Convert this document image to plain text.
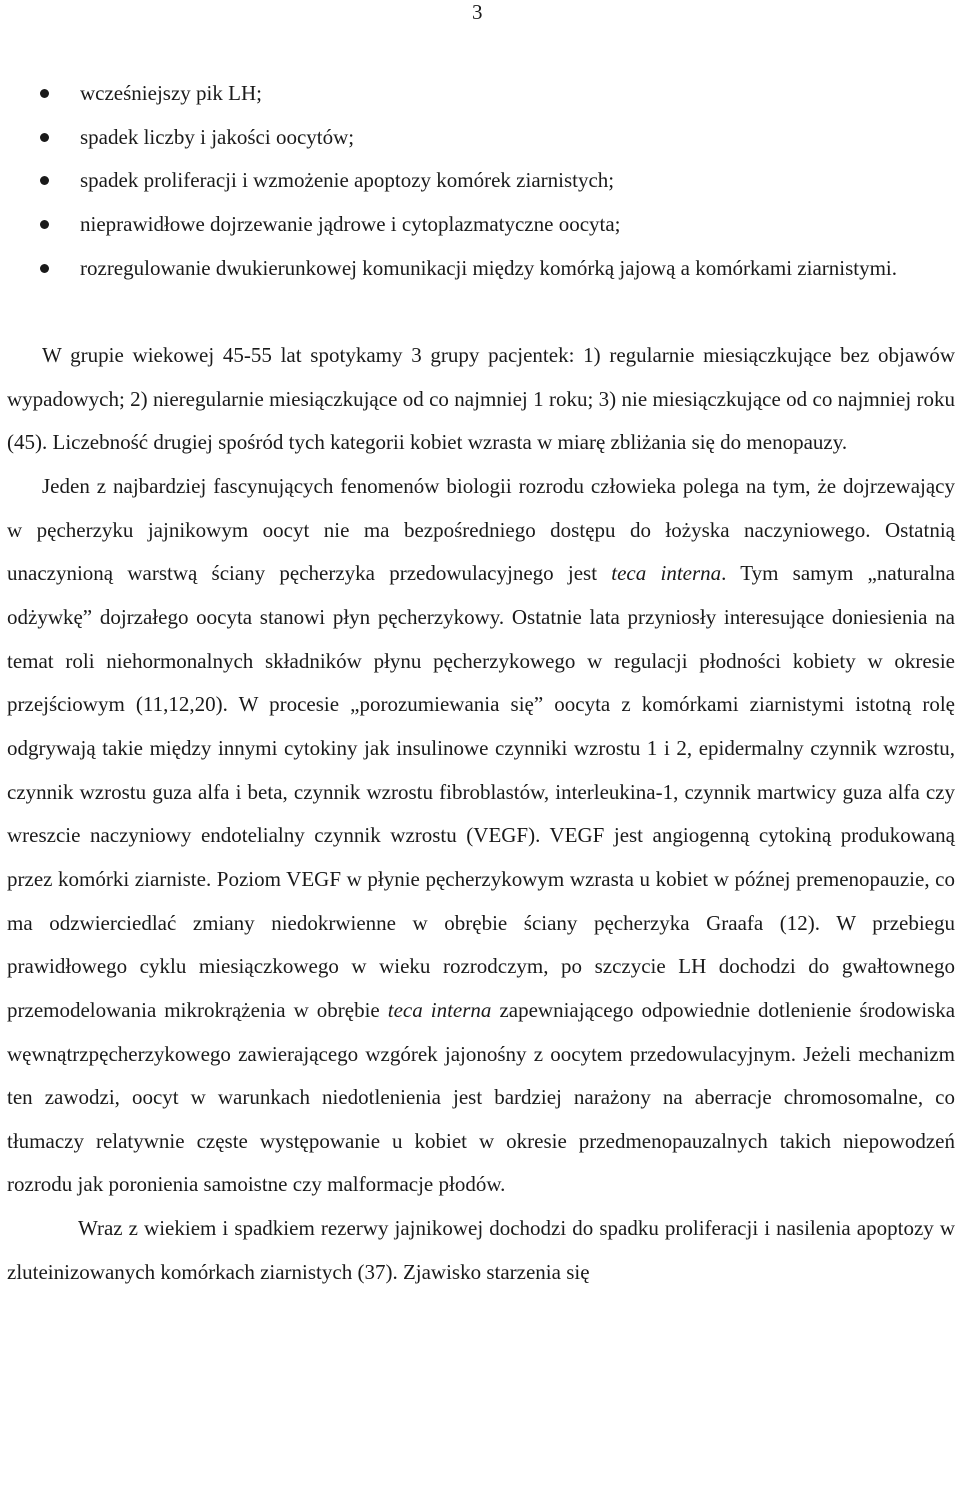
3
wcześniejszy pik LH;
spadek liczby i jakości oocytów;
spadek proliferacji i wzmożenie apoptozy komórek ziarnistych;
nieprawidłowe dojrzewanie jądrowe i cytoplazmatyczne oocyta;
rozregulowanie dwukierunkowej komunikacji między komórką jajową a komórkami ziarnistymi.

W grupie wiekowej 45-55 lat spotykamy 3 grupy pacjentek: 1) regularnie miesiączkujące bez objawów wypadowych; 2) nieregularnie miesiączkujące od co najmniej 1 roku; 3) nie miesiączkujące od co najmniej roku (45). Liczebność drugiej spośród tych kategorii kobiet wzrasta w miarę zbliżania się do menopauzy.

Jeden z najbardziej fascynujących fenomenów biologii rozrodu człowieka polega na tym, że dojrzewający w pęcherzyku jajnikowym oocyt nie ma bezpośredniego dostępu do łożyska naczyniowego. Ostatnią unaczynioną warstwą ściany pęcherzyka przedowulacyjnego jest teca interna. Tym samym „naturalna odżywkę” dojrzałego oocyta stanowi płyn pęcherzykowy. Ostatnie lata przyniosły interesujące doniesienia na temat roli niehormonalnych składników płynu pęcherzykowego w regulacji płodności kobiety w okresie przejściowym (11,12,20). W procesie „porozumiewania się” oocyta z komórkami ziarnistymi istotną rolę odgrywają takie między innymi cytokiny jak insulinowe czynniki wzrostu 1 i 2, epidermalny czynnik wzrostu, czynnik wzrostu guza alfa i beta, czynnik wzrostu fibroblastów, interleukina-1, czynnik martwicy guza alfa czy wreszcie naczyniowy endotelialny czynnik wzrostu (VEGF). VEGF jest angiogenną cytokiną produkowaną przez komórki ziarniste. Poziom VEGF w płynie pęcherzykowym wzrasta u kobiet w późnej premenopauzie, co ma odzwierciedlać zmiany niedokrwienne w obrębie ściany pęcherzyka Graafa (12). W przebiegu prawidłowego cyklu miesiączkowego w wieku rozrodczym, po szczycie LH dochodzi do gwałtownego przemodelowania mikrokrążenia w obrębie teca interna zapewniającego odpowiednie dotlenienie środowiska węwnątrzpęcherzykowego zawierającego wzgórek jajonośny z oocytem przedowulacyjnym. Jeżeli mechanizm ten zawodzi, oocyt w warunkach niedotlenienia jest bardziej narażony na aberracje chromosomalne, co tłumaczy relatywnie częste występowanie u kobiet w okresie przedmenopauzalnych takich niepowodzeń rozrodu jak poronienia samoistne czy malformacje płodów.

Wraz z wiekiem i spadkiem rezerwy jajnikowej dochodzi do spadku proliferacji i nasilenia apoptozy w zluteinizowanych komórkach ziarnistych (37). Zjawisko starzenia się
